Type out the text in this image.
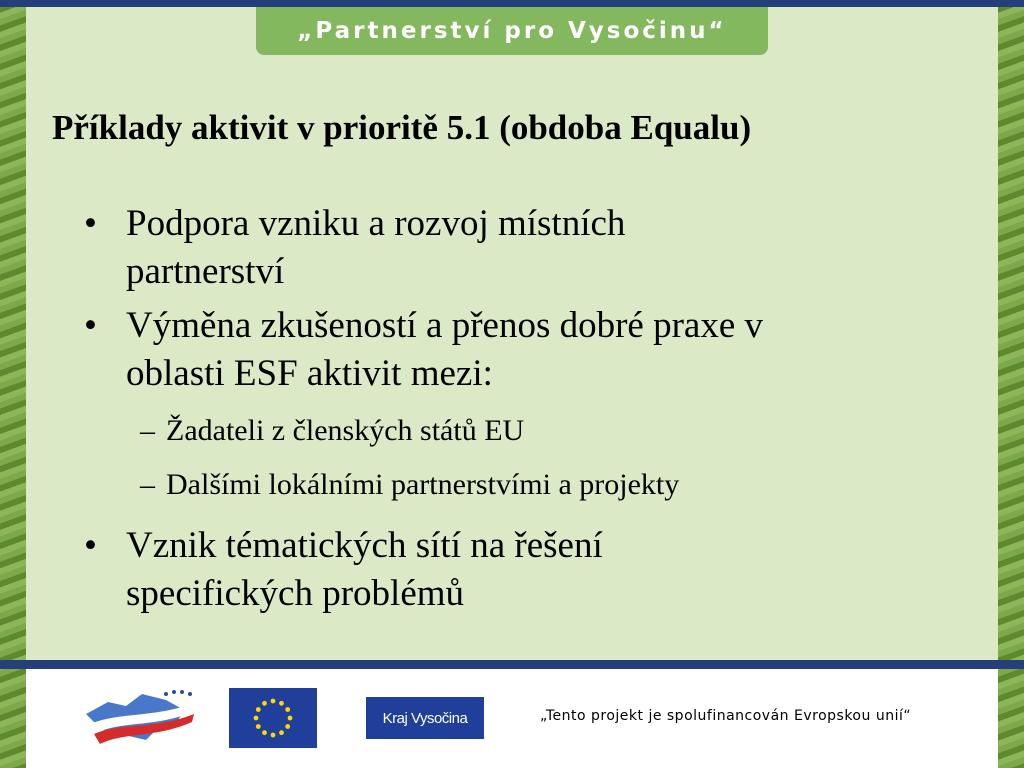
„Partnerství pro Vysočinu“
Příklady aktivit v prioritě 5.1 (obdoba Equalu)
• Podpora vzniku a rozvoj místních
partnerství
• Výměna zkušeností a přenos dobré praxe v
oblasti ESF aktivit mezi:
– Žadateli z členských států EU
– Dalšími lokálními partnerstvími a projekty
• Vznik tématických sítí na řešení
specifických problémů
Kraj Vysočina	„Tento projekt je spolufinancován Evropskou unií“
